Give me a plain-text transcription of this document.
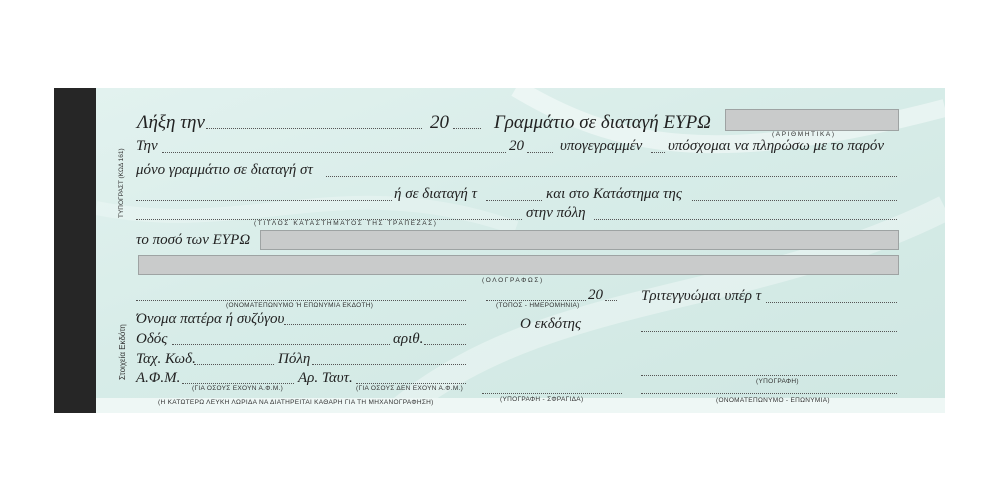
ΤΥΠΟΓΡΑΣΤ (ΚΩΔ 161)
Στοιχεία Εκδότη
Λήξη την	20 Γραμμάτιο σε διαταγή ΕΥΡΩ
(ΑΡΙΘΜΗΤΙΚΑ)
Την	20 υπογεγραμμέν υπόσχομαι να πληρώσω με το παρόν
μόνο γραμμάτιο σε διαταγή στ
ή σε διαταγή τ	και στο Κατάστημα της
στην πόλη
(ΤΙΤΛΟΣ ΚΑΤΑΣΤΗΜΑΤΟΣ ΤΗΣ ΤΡΑΠΕΖΑΣ)
το ποσό των ΕΥΡΩ
(ΟΛΟΓΡΑΦΩΣ)
(ΟΝΟΜΑΤΕΠΩΝΥΜΟ Ή ΕΠΩΝΥΜΙΑ ΕΚΔΟΤΗ)
Όνομα πατέρα ή συζύγου
Οδός	αριθ.
Ταχ. Κωδ.	Πόλη
Α.Φ.Μ.	Αρ. Ταυτ.
(ΓΙΑ ΟΣΟΥΣ ΕΧΟΥΝ Α.Φ.Μ.)	(ΓΙΑ ΟΣΟΥΣ ΔΕΝ ΕΧΟΥΝ Α.Φ.Μ.)
(Η ΚΑΤΩΤΕΡΩ ΛΕΥΚΗ ΛΩΡΙΔΑ ΝΑ ΔΙΑΤΗΡΕΙΤΑΙ ΚΑΘΑΡΗ ΓΙΑ ΤΗ ΜΗΧΑΝΟΓΡΑΦΗΣΗ)
20
(ΤΟΠΟΣ - ΗΜΕΡΟΜΗΝΙΑ)
Ο εκδότης
(ΥΠΟΓΡΑΦΗ - ΣΦΡΑΓΙΔΑ)
Τριτεγγυώμαι υπέρ τ
(ΥΠΟΓΡΑΦΗ)
(ΟΝΟΜΑΤΕΠΩΝΥΜΟ - ΕΠΩΝΥΜΙΑ)
